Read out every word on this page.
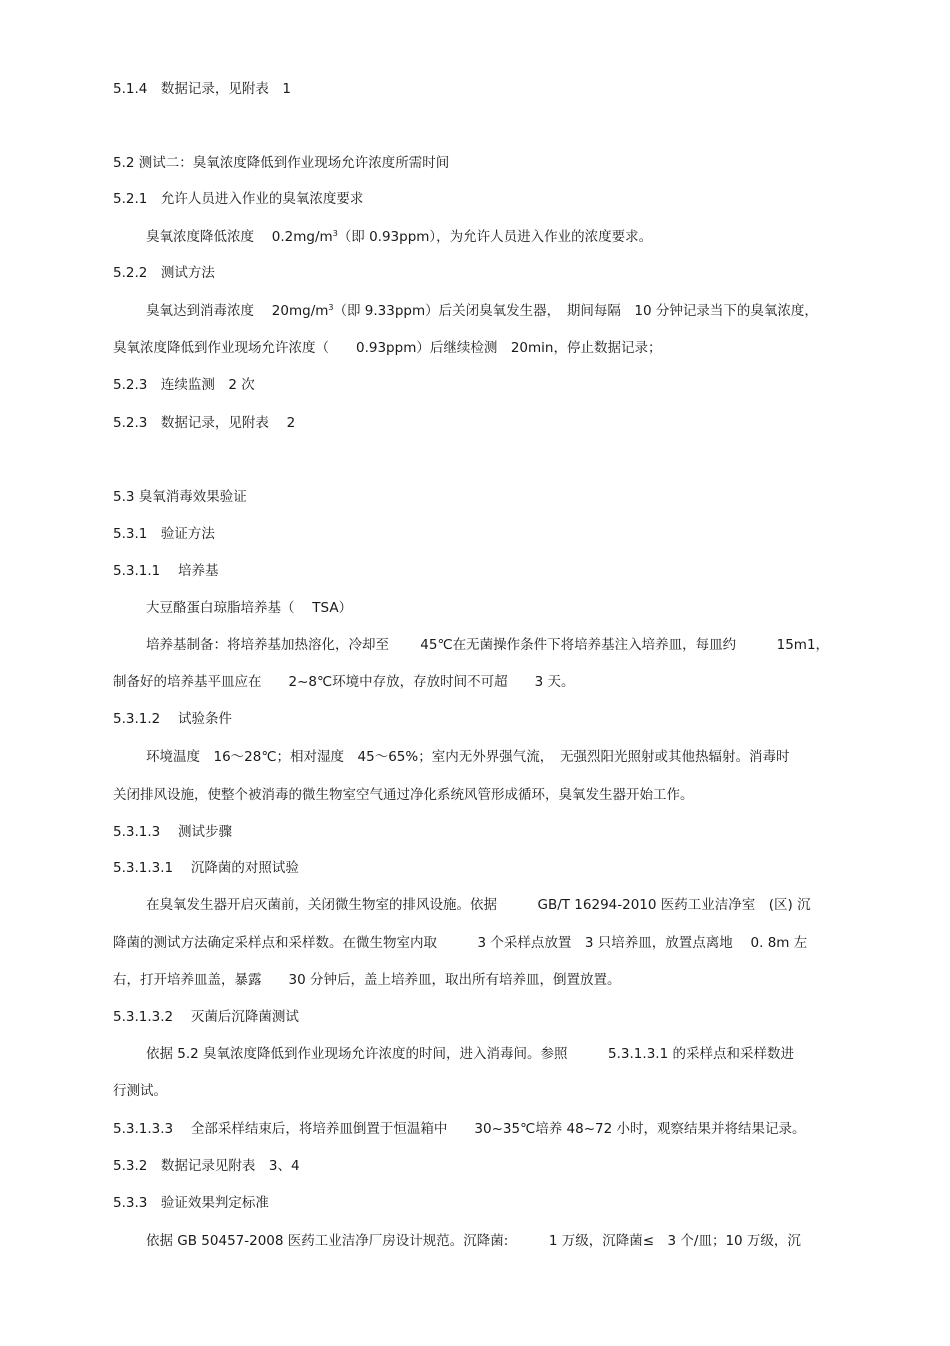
5.1.4　数据记录，见附表　1
5.2 测试二：臭氧浓度降低到作业现场允许浓度所需时间
5.2.1　允许人员进入作业的臭氧浓度要求
臭氧浓度降低浓度　 $0.2mg/m^3$（即 0.93ppm），为允许人员进入作业的浓度要求。
5.2.2　测试方法
臭氧达到消毒浓度　 $20mg/m^3$（即 9.33ppm）后关闭臭氧发生器，　期间每隔　10 分钟记录当下的臭氧浓度，
臭氧浓度降低到作业现场允许浓度（　　0.93ppm）后继续检测　20min，停止数据记录；
5.2.3　连续监测　2 次
5.2.3　数据记录，见附表　 2
5.3 臭氧消毒效果验证
5.3.1　验证方法
5.3.1.1　 培养基
大豆酪蛋白琼脂培养基（　 TSA）
培养基制备：将培养基加热溶化，冷却至　　 45℃在无菌操作条件下将培养基注入培养皿，每皿约　　　15m1，
制备好的培养基平皿应在　　2~8℃环境中存放，存放时间不可超　　3 天。
5.3.1.2　 试验条件
环境温度　16～28℃；相对湿度　45～65%；室内无外界强气流，　无强烈阳光照射或其他热辐射。消毒时
关闭排风设施，使整个被消毒的微生物室空气通过净化系统风管形成循环，臭氧发生器开始工作。
5.3.1.3　 测试步骤
5.3.1.3.1　 沉降菌的对照试验
在臭氧发生器开启灭菌前，关闭微生物室的排风设施。依据　　　GB/T 16294-2010 医药工业洁净室　(区) 沉
降菌的测试方法确定采样点和采样数。在微生物室内取　　　3 个采样点放置　3 只培养皿，放置点离地　 0. 8m 左
右，打开培养皿盖，暴露　　30 分钟后，盖上培养皿，取出所有培养皿，倒置放置。
5.3.1.3.2　 灭菌后沉降菌测试
依据 5.2 臭氧浓度降低到作业现场允许浓度的时间，进入消毒间。参照　　　5.3.1.3.1 的采样点和采样数进
行测试。
5.3.1.3.3　 全部采样结束后，将培养皿倒置于恒温箱中　　30~35℃培养 48~72 小时，观察结果并将结果记录。
5.3.2　数据记录见附表　3、4
5.3.3　验证效果判定标准
依据 GB 50457-2008 医药工业洁净厂房设计规范。沉降菌:　　　1 万级，沉降菌≤　3 个/皿；10 万级，沉
